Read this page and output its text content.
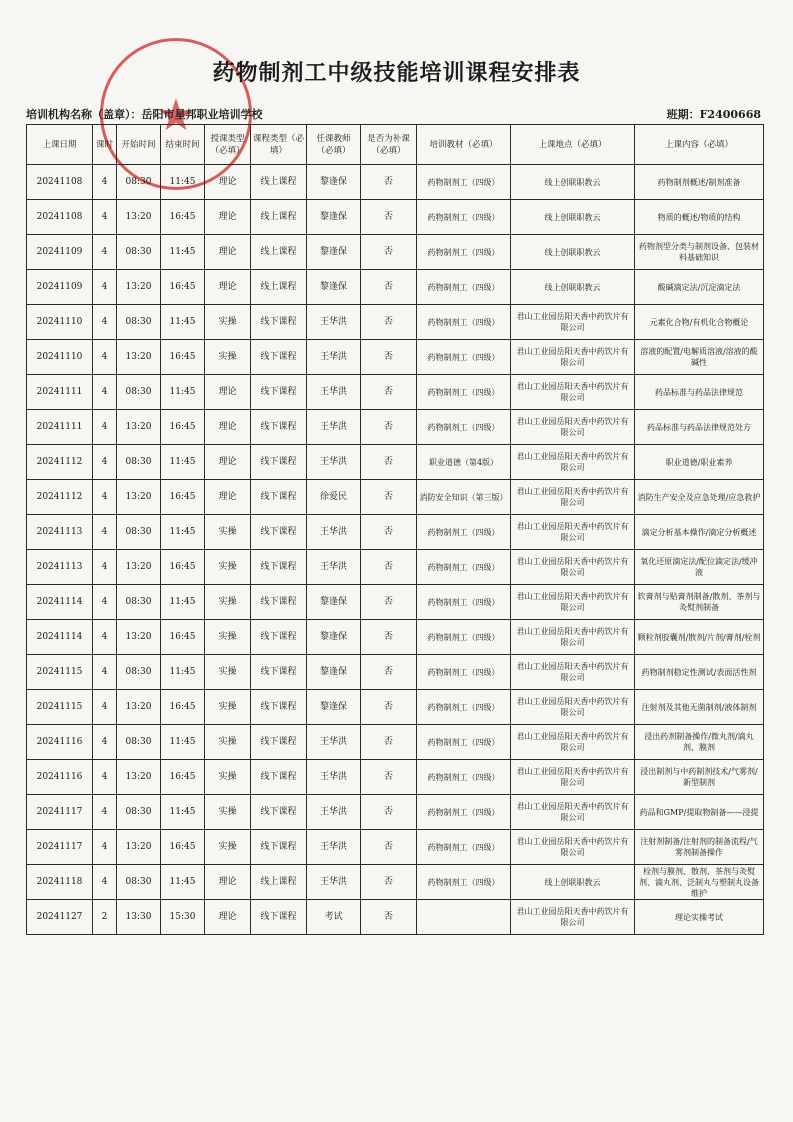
★
药物制剂工中级技能培训课程安排表
培训机构名称（盖章）：岳阳市星邦职业培训学校	班期：F2400668
上课日期	课时	开始时间	结束时间	授课类型（必填）	课程类型（必填）	任课教师（必填）	是否为补课（必填）	培训教材（必填）	上课地点（必填）	上课内容（必填）
20241108	4	08:30	11:45	理论	线上课程	黎逢保	否	药物制剂工（四级）	线上创联职教云	药物制剂概述/制剂准备
20241108	4	13:20	16:45	理论	线上课程	黎逢保	否	药物制剂工（四级）	线上创联职教云	物质的概述/物质的结构
20241109	4	08:30	11:45	理论	线上课程	黎逢保	否	药物制剂工（四级）	线上创联职教云	药物剂型分类与制剂设备、包装材料基础知识
20241109	4	13:20	16:45	理论	线上课程	黎逢保	否	药物制剂工（四级）	线上创联职教云	酸碱滴定法/沉淀滴定法
20241110	4	08:30	11:45	实操	线下课程	王华洪	否	药物制剂工（四级）	君山工业园岳阳天香中药饮片有限公司	元素化合物/有机化合物概论
20241110	4	13:20	16:45	实操	线下课程	王华洪	否	药物制剂工（四级）	君山工业园岳阳天香中药饮片有限公司	溶液的配置/电解质溶液/溶液的酸碱性
20241111	4	08:30	11:45	理论	线下课程	王华洪	否	药物制剂工（四级）	君山工业园岳阳天香中药饮片有限公司	药品标准与药品法律规范
20241111	4	13:20	16:45	理论	线下课程	王华洪	否	药物制剂工（四级）	君山工业园岳阳天香中药饮片有限公司	药品标准与药品法律规范处方
20241112	4	08:30	11:45	理论	线下课程	王华洪	否	职业道德（第4版）	君山工业园岳阳天香中药饮片有限公司	职业道德/职业素养
20241112	4	13:20	16:45	理论	线下课程	徐爱民	否	消防安全知识（第三版）	君山工业园岳阳天香中药饮片有限公司	消防生产安全及应急处理/应急救护
20241113	4	08:30	11:45	实操	线下课程	王华洪	否	药物制剂工（四级）	君山工业园岳阳天香中药饮片有限公司	滴定分析基本操作/滴定分析概述
20241113	4	13:20	16:45	实操	线下课程	王华洪	否	药物制剂工（四级）	君山工业园岳阳天香中药饮片有限公司	氧化还原滴定法/配位滴定法/缓冲液
20241114	4	08:30	11:45	实操	线下课程	黎逢保	否	药物制剂工（四级）	君山工业园岳阳天香中药饮片有限公司	软膏剂与贴膏剂制备/散剂、茶剂与灸熨剂制备
20241114	4	13:20	16:45	实操	线下课程	黎逢保	否	药物制剂工（四级）	君山工业园岳阳天香中药饮片有限公司	颗粒剂胶囊剂/散剂/片剂/膏剂/栓剂
20241115	4	08:30	11:45	实操	线下课程	黎逢保	否	药物制剂工（四级）	君山工业园岳阳天香中药饮片有限公司	药物制剂稳定性测试/表面活性剂
20241115	4	13:20	16:45	实操	线下课程	黎逢保	否	药物制剂工（四级）	君山工业园岳阳天香中药饮片有限公司	注射剂及其他无菌制剂/液体制剂
20241116	4	08:30	11:45	实操	线下课程	王华洪	否	药物制剂工（四级）	君山工业园岳阳天香中药饮片有限公司	浸出药剂制备操作/微丸剂/滴丸剂、膜剂
20241116	4	13:20	16:45	实操	线下课程	王华洪	否	药物制剂工（四级）	君山工业园岳阳天香中药饮片有限公司	浸出制剂与中药制剂技术/气雾剂/新型制剂
20241117	4	08:30	11:45	实操	线下课程	王华洪	否	药物制剂工（四级）	君山工业园岳阳天香中药饮片有限公司	药品和GMP/提取物制备——浸提
20241117	4	13:20	16:45	实操	线下课程	王华洪	否	药物制剂工（四级）	君山工业园岳阳天香中药饮片有限公司	注射剂制备/注射剂的制备流程/气雾剂制备操作
20241118	4	08:30	11:45	理论	线上课程	王华洪	否	药物制剂工（四级）	线上创联职教云	栓剂与膜剂、散剂、茶剂与灸熨剂、滴丸剂、泛制丸与塑制丸设备维护
20241127	2	13:30	15:30	理论	线下课程	考试	否		君山工业园岳阳天香中药饮片有限公司	理论实操考试
